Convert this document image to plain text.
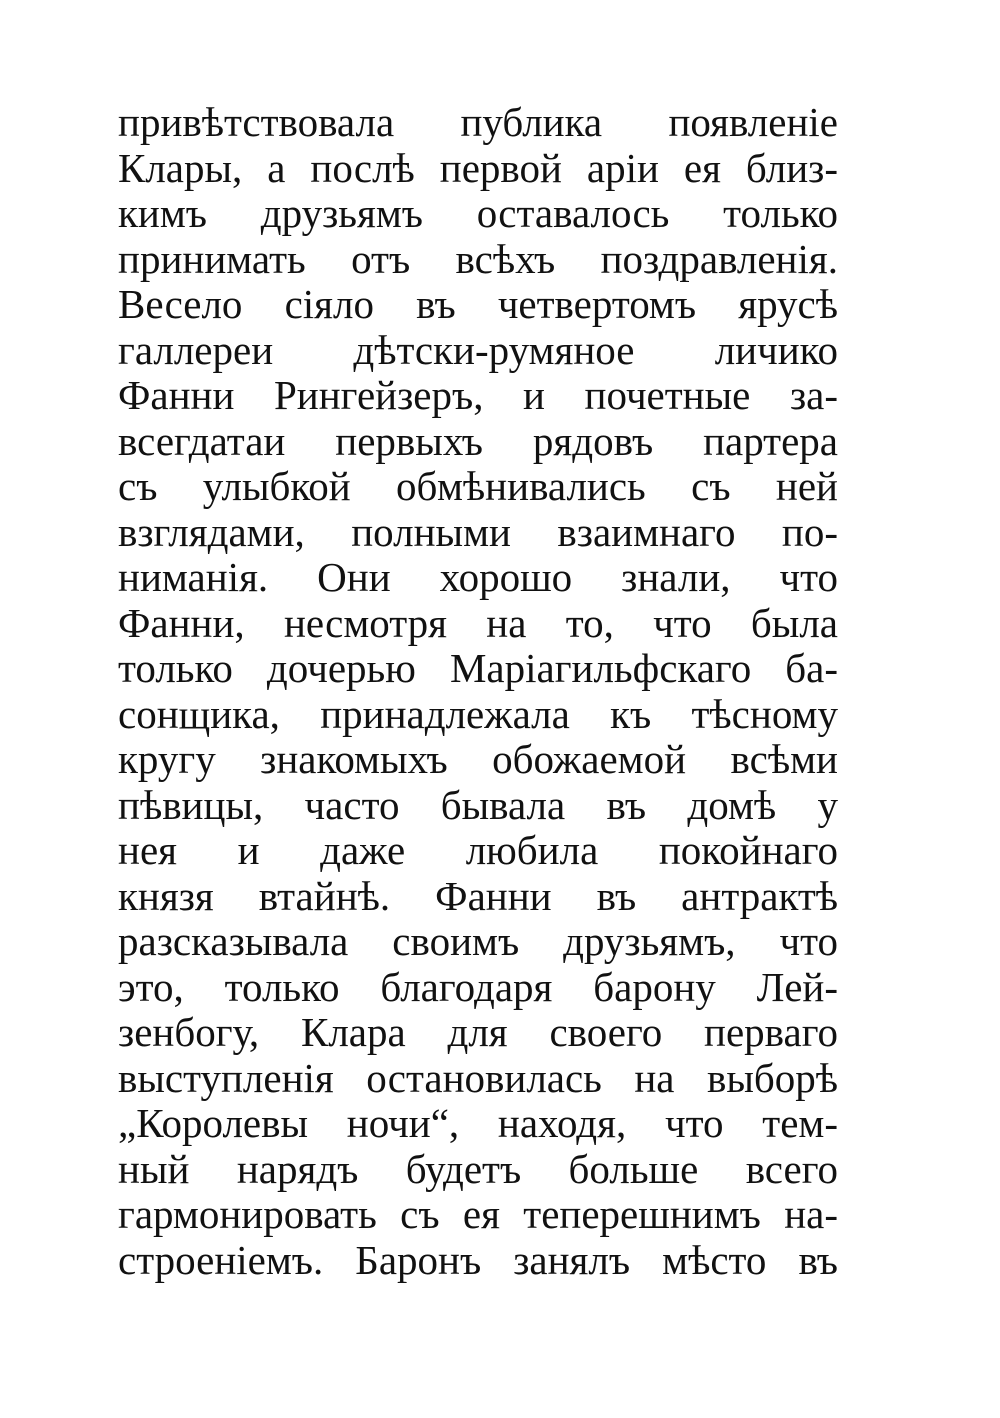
привѣтствовала публика появленіе
Клары, а послѣ первой аріи ея близ-
кимъ друзьямъ оставалось только
принимать отъ всѣхъ поздравленія.
Весело сіяло въ четвертомъ ярусѣ
галлереи дѣтски-румяное личико
Фанни Рингейзеръ, и почетные за-
всегдатаи первыхъ рядовъ партера
съ улыбкой обмѣнивались съ ней
взглядами, полными взаимнаго по-
ниманія. Они хорошо знали, что
Фанни, несмотря на то, что была
только дочерью Маріагильфскаго ба-
сонщика, принадлежала къ тѣсному
кругу знакомыхъ обожаемой всѣми
пѣвицы, часто бывала въ домѣ у
нея и даже любила покойнаго
князя втайнѣ. Фанни въ антрактѣ
разсказывала своимъ друзьямъ, что
это, только благодаря барону Лей-
зенбогу, Клара для своего перваго
выступленія остановилась на выборѣ
„Королевы ночи“, находя, что тем-
ный нарядъ будетъ больше всего
гармонировать съ ея теперешнимъ на-
строеніемъ. Баронъ занялъ мѣсто въ
